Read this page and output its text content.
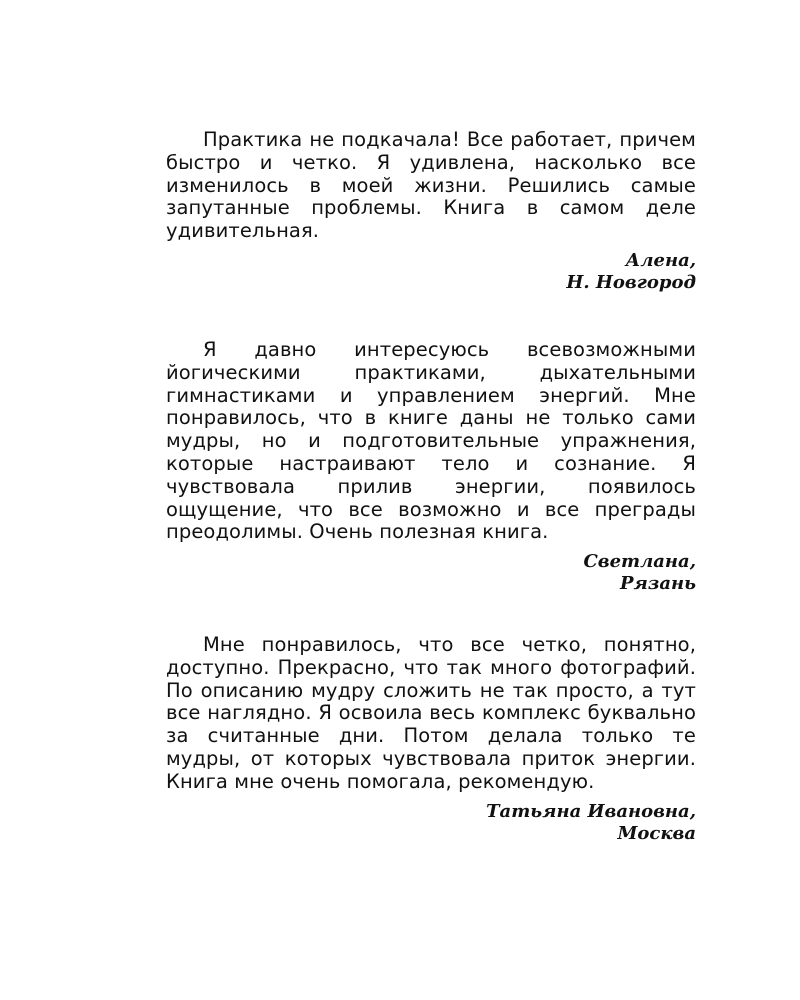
Практика не подкачала! Все работает, причем быстро и четко. Я удивлена, насколько все изменилось в моей жизни. Решились самые запутанные проблемы. Книга в самом деле удивительная.

Алена,
Н. Новгород

Я давно интересуюсь всевозможными йогическими практиками, дыхательными гимнастиками и управлением энергий. Мне понравилось, что в книге даны не только сами мудры, но и подготовительные упражнения, которые настраивают тело и сознание. Я чувствовала прилив энергии, появилось ощущение, что все возможно и все преграды преодолимы. Очень полезная книга.

Светлана,
Рязань

Мне понравилось, что все четко, понятно, доступно. Прекрасно, что так много фотографий. По описанию мудру сложить не так просто, а тут все наглядно. Я освоила весь комплекс буквально за считанные дни. Потом делала только те мудры, от которых чувствовала приток энергии. Книга мне очень помогала, рекомендую.

Татьяна Ивановна,
Москва
